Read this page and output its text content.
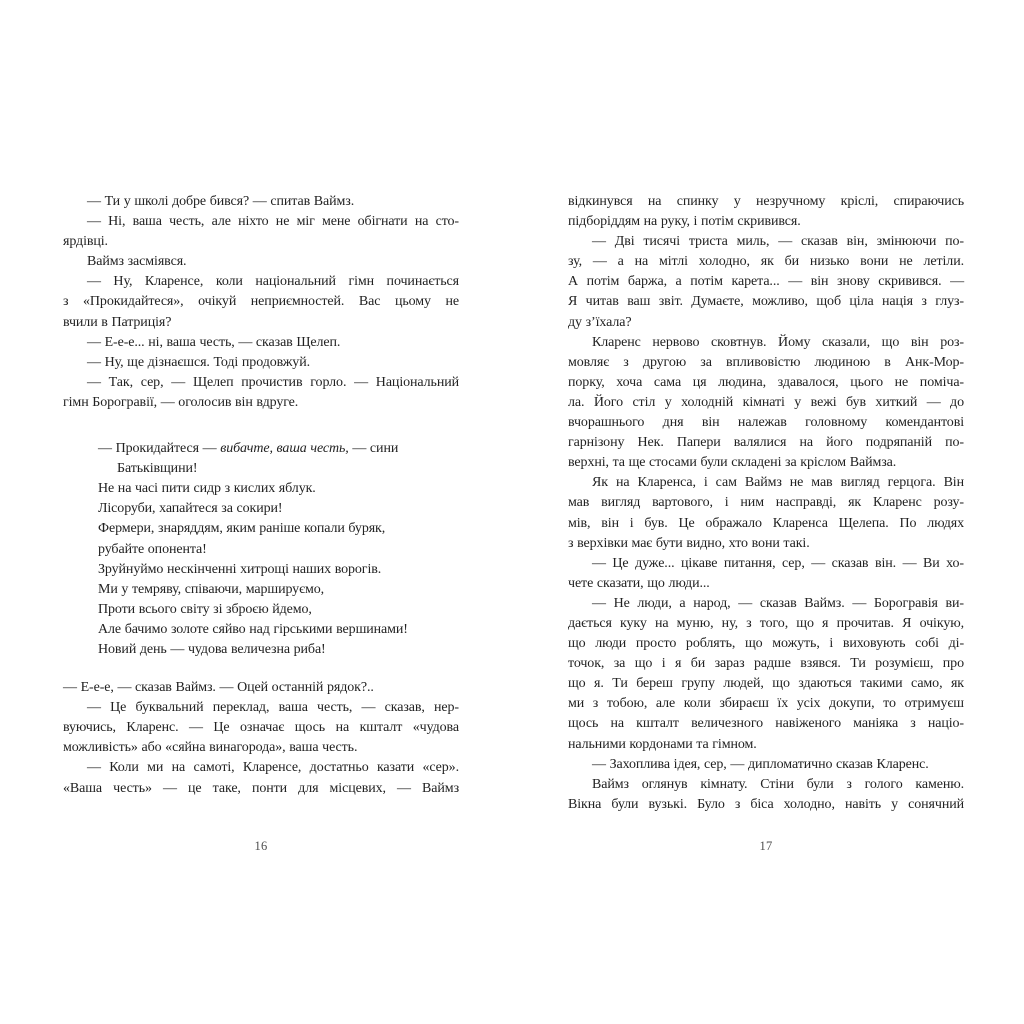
— Ти у школі добре бився? — спитав Ваймз.
— Ні, ваша честь, але ніхто не міг мене обігнати на сто-
ярдівці.
Ваймз засміявся.
— Ну, Кларенсе, коли національний гімн починається
з «Прокидайтеся», очікуй неприємностей. Вас цьому не
вчили в Патриція?
— Е-е-е... ні, ваша честь, — сказав Щелеп.
— Ну, ще дізнаєшся. Тоді продовжуй.
— Так, сер, — Щелеп прочистив горло. — Національний
гімн Борогравії, — оголосив він вдруге.
— Прокидайтеся — вибачте, ваша честь, — сини
Батьківщини!
Не на часі пити сидр з кислих яблук.
Лісоруби, хапайтеся за сокири!
Фермери, знаряддям, яким раніше копали буряк,
рубайте опонента!
Зруйнуймо нескінченні хитрощі наших ворогів.
Ми у темряву, співаючи, маршируємо,
Проти всього світу зі зброєю йдемо,
Але бачимо золоте сяйво над гірськими вершинами!
Новий день — чудова величезна риба!
— Е-е-е, — сказав Ваймз. — Оцей останній рядок?..
— Це буквальний переклад, ваша честь, — сказав, нер-
вуючись, Кларенс. — Це означає щось на кшталт «чудова
можливість» або «сяйна винагорода», ваша честь.
— Коли ми на самоті, Кларенсе, достатньо казати «сер».
«Ваша честь» — це таке, понти для місцевих, — Ваймз
відкинувся на спинку у незручному кріслі, спираючись
підборіддям на руку, і потім скривився.
— Дві тисячі триста миль, — сказав він, змінюючи по-
зу, — а на мітлі холодно, як би низько вони не летіли.
А потім баржа, а потім карета... — він знову скривився. —
Я читав ваш звіт. Думаєте, можливо, щоб ціла нація з глуз-
ду з’їхала?
Кларенс нервово сковтнув. Йому сказали, що він роз-
мовляє з другою за впливовістю людиною в Анк-Мор-
порку, хоча сама ця людина, здавалося, цього не поміча-
ла. Його стіл у холодній кімнаті у вежі був хиткий — до
вчорашнього дня він належав головному комендантові
гарнізону Нек. Папери валялися на його подряпаній по-
верхні, та ще стосами були складені за кріслом Ваймза.
Як на Кларенса, і сам Ваймз не мав вигляд герцога. Він
мав вигляд вартового, і ним насправді, як Кларенс розу-
мів, він і був. Це ображало Кларенса Щелепа. По людях
з верхівки має бути видно, хто вони такі.
— Це дуже... цікаве питання, сер, — сказав він. — Ви хо-
чете сказати, що люди...
— Не люди, а народ, — сказав Ваймз. — Борогравія ви-
дається куку на муню, ну, з того, що я прочитав. Я очікую,
що люди просто роблять, що можуть, і виховують собі ді-
точок, за що і я би зараз радше взявся. Ти розумієш, про
що я. Ти береш групу людей, що здаються такими само, як
ми з тобою, але коли збираєш їх усіх докупи, то отримуєш
щось на кшталт величезного навіженого маніяка з націо-
нальними кордонами та гімном.
— Захоплива ідея, сер, — дипломатично сказав Кларенс.
Ваймз оглянув кімнату. Стіни були з голого каменю.
Вікна були вузькі. Було з біса холодно, навіть у сонячний
16	17
